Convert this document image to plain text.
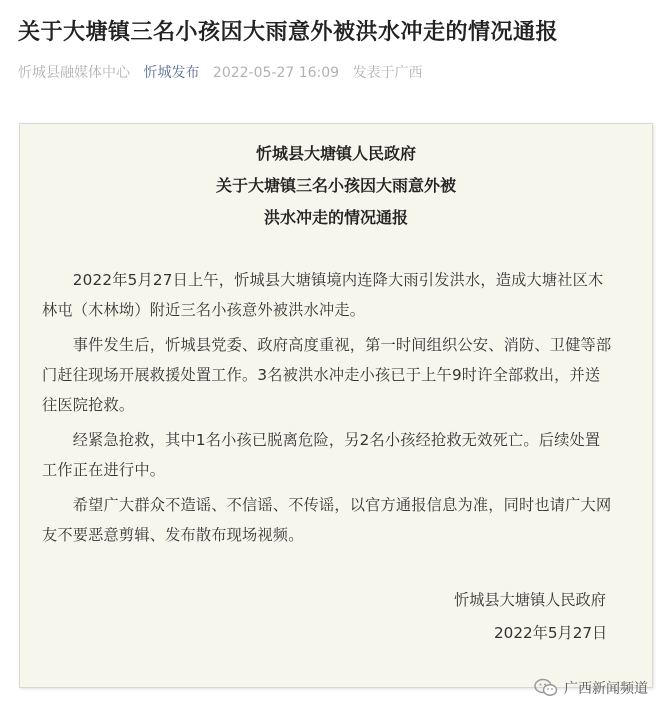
关于大塘镇三名小孩因大雨意外被洪水冲走的情况通报
忻城县融媒体中心 忻城发布 2022-05-27 16:09 发表于广西
忻城县大塘镇人民政府
关于大塘镇三名小孩因大雨意外被
洪水冲走的情况通报
　　2022年5月27日上午，忻城县大塘镇境内连降大雨引发洪水，造成大塘社区木
林屯（木林坳）附近三名小孩意外被洪水冲走。
　　事件发生后，忻城县党委、政府高度重视，第一时间组织公安、消防、卫健等部
门赶往现场开展救援处置工作。3名被洪水冲走小孩已于上午9时许全部救出，并送
往医院抢救。
　　经紧急抢救，其中1名小孩已脱离危险，另2名小孩经抢救无效死亡。后续处置
工作正在进行中。
　　希望广大群众不造谣、不信谣、不传谣，以官方通报信息为准，同时也请广大网
友不要恶意剪辑、发布散布现场视频。
忻城县大塘镇人民政府
2022年5月27日
广西新闻频道
